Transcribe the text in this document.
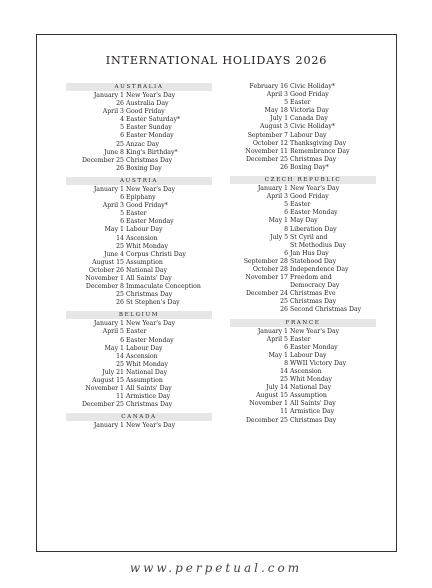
INTERNATIONAL HOLIDAYS 2026
AUSTRALIA
January 1 New Year's Day
26 Australia Day
April 3 Good Friday
4 Easter Saturday*
5 Easter Sunday
6 Easter Monday
25 Anzac Day
June 8 King's Birthday*
December 25 Christmas Day
26 Boxing Day
AUSTRIA
January 1 New Year's Day
6 Epiphany
April 3 Good Friday*
5 Easter
6 Easter Monday
May 1 Labour Day
14 Ascension
25 Whit Monday
June 4 Corpus Christi Day
August 15 Assumption
October 26 National Day
November 1 All Saints' Day
December 8 Immaculate Conception
25 Christmas Day
26 St Stephen's Day
BELGIUM
January 1 New Year's Day
April 5 Easter
6 Easter Monday
May 1 Labour Day
14 Ascension
25 Whit Monday
July 21 National Day
August 15 Assumption
November 1 All Saints' Day
11 Armistice Day
December 25 Christmas Day
CANADA
January 1 New Year's Day
February 16 Civic Holiday*
April 3 Good Friday
5 Easter
May 18 Victoria Day
July 1 Canada Day
August 3 Civic Holiday*
September 7 Labour Day
October 12 Thanksgiving Day
November 11 Remembrance Day
December 25 Christmas Day
26 Boxing Day*
CZECH REPUBLIC
January 1 New Year's Day
April 3 Good Friday
5 Easter
6 Easter Monday
May 1 May Day
8 Liberation Day
July 5 St Cyril and
St Methodius Day
6 Jan Hus Day
September 28 Statehood Day
October 28 Independence Day
November 17 Freedom and
Democracy Day
December 24 Christmas Eve
25 Christmas Day
26 Second Christmas Day
FRANCE
January 1 New Year's Day
April 5 Easter
6 Easter Monday
May 1 Labour Day
8 WWII Victory Day
14 Ascension
25 Whit Monday
July 14 National Day
August 15 Assumption
November 1 All Saints' Day
11 Armistice Day
December 25 Christmas Day
www.perpetual.com
